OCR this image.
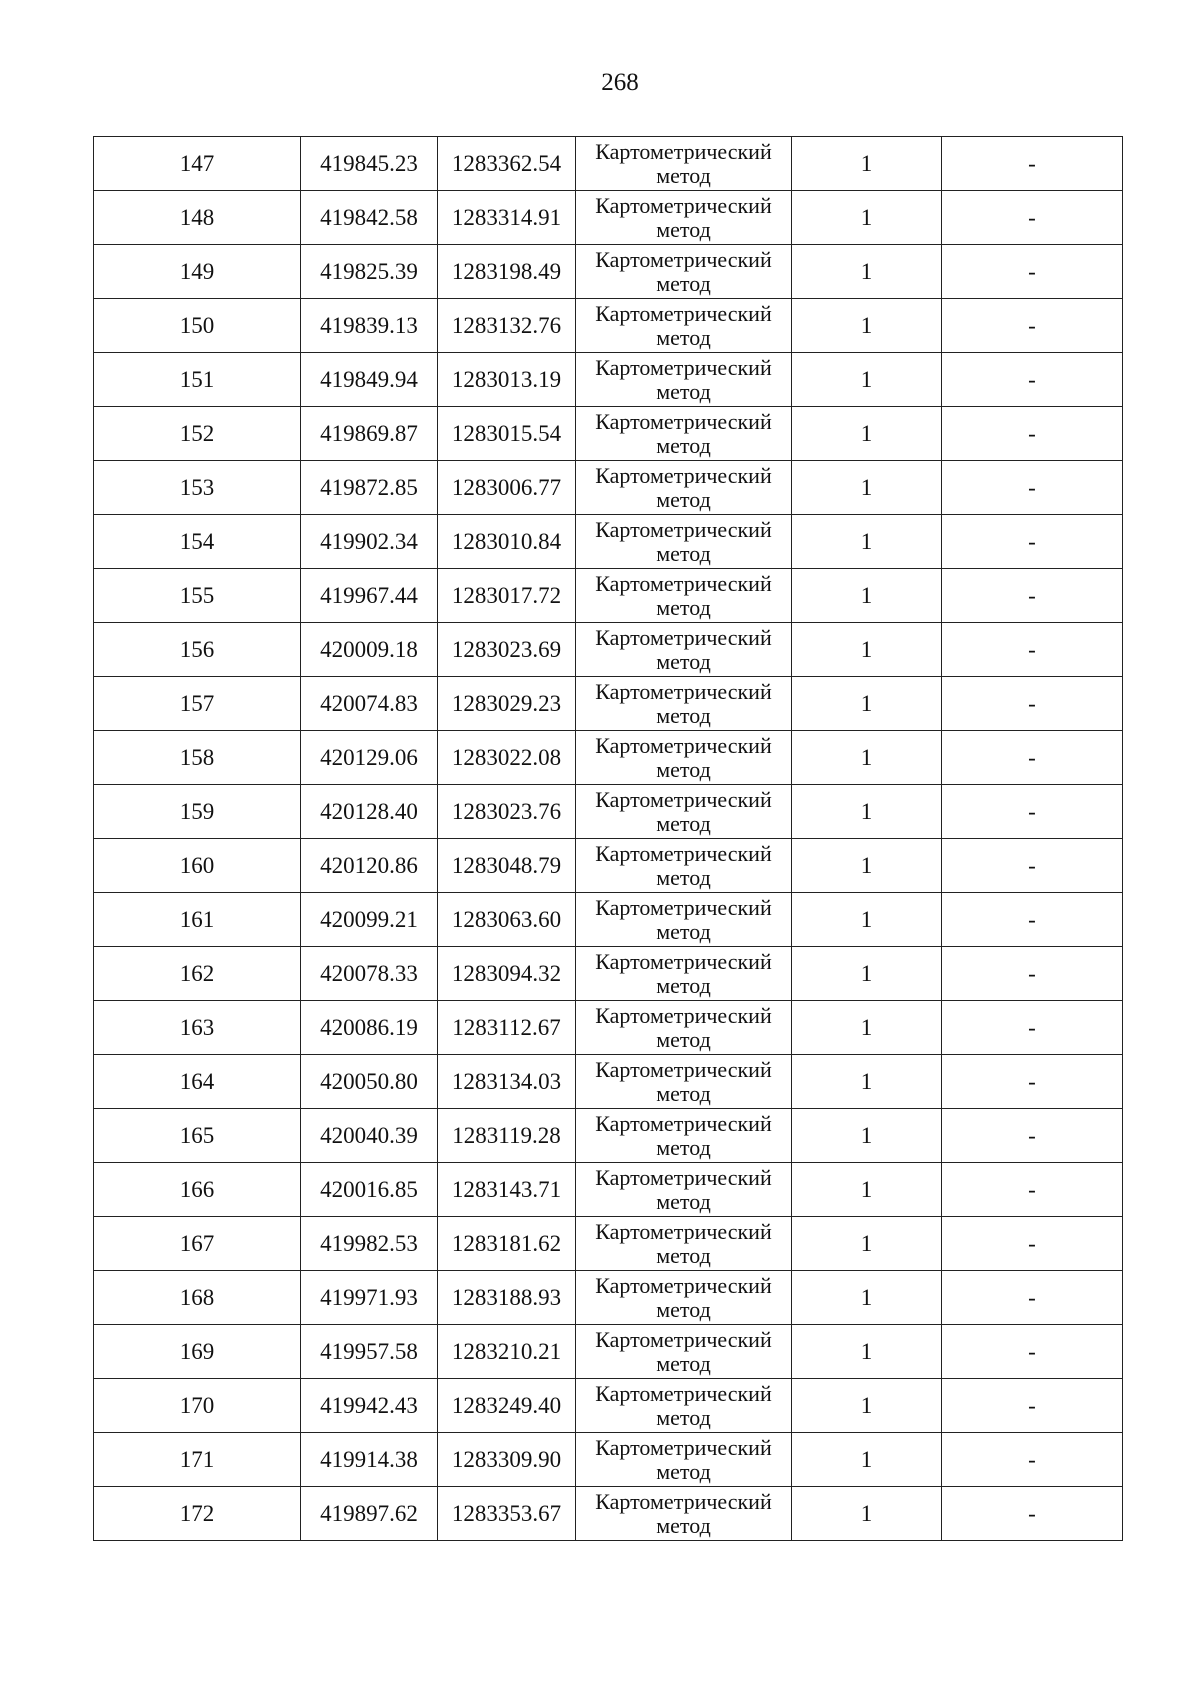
268
147	419845.23	1283362.54	Картометрический метод	1	-
148	419842.58	1283314.91	Картометрический метод	1	-
149	419825.39	1283198.49	Картометрический метод	1	-
150	419839.13	1283132.76	Картометрический метод	1	-
151	419849.94	1283013.19	Картометрический метод	1	-
152	419869.87	1283015.54	Картометрический метод	1	-
153	419872.85	1283006.77	Картометрический метод	1	-
154	419902.34	1283010.84	Картометрический метод	1	-
155	419967.44	1283017.72	Картометрический метод	1	-
156	420009.18	1283023.69	Картометрический метод	1	-
157	420074.83	1283029.23	Картометрический метод	1	-
158	420129.06	1283022.08	Картометрический метод	1	-
159	420128.40	1283023.76	Картометрический метод	1	-
160	420120.86	1283048.79	Картометрический метод	1	-
161	420099.21	1283063.60	Картометрический метод	1	-
162	420078.33	1283094.32	Картометрический метод	1	-
163	420086.19	1283112.67	Картометрический метод	1	-
164	420050.80	1283134.03	Картометрический метод	1	-
165	420040.39	1283119.28	Картометрический метод	1	-
166	420016.85	1283143.71	Картометрический метод	1	-
167	419982.53	1283181.62	Картометрический метод	1	-
168	419971.93	1283188.93	Картометрический метод	1	-
169	419957.58	1283210.21	Картометрический метод	1	-
170	419942.43	1283249.40	Картометрический метод	1	-
171	419914.38	1283309.90	Картометрический метод	1	-
172	419897.62	1283353.67	Картометрический метод	1	-
